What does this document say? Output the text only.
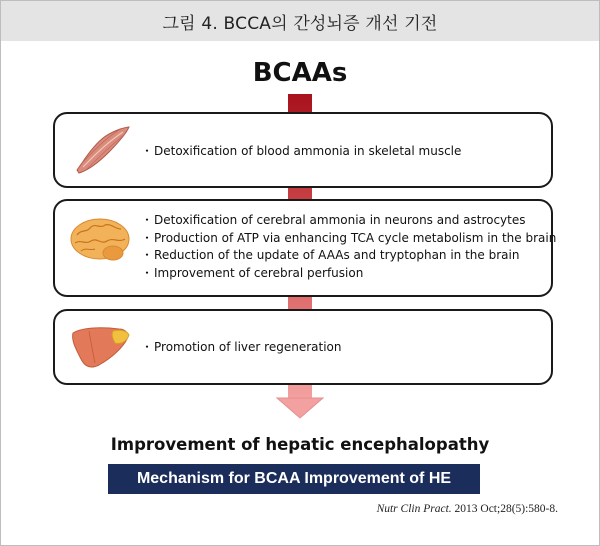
그림 4. BCCA의 간성뇌증 개선 기전
BCAAs
・ Detoxification of blood ammonia in skeletal muscle
・ Detoxification of cerebral ammonia in neurons and astrocytes
・ Production of ATP via enhancing TCA cycle metabolism in the brain
・ Reduction of the update of AAAs and tryptophan in the brain
・ Improvement of cerebral perfusion
・ Promotion of liver regeneration
Improvement of hepatic encephalopathy
Mechanism for BCAA Improvement of HE
Nutr Clin Pract. 2013 Oct;28(5):580-8.
